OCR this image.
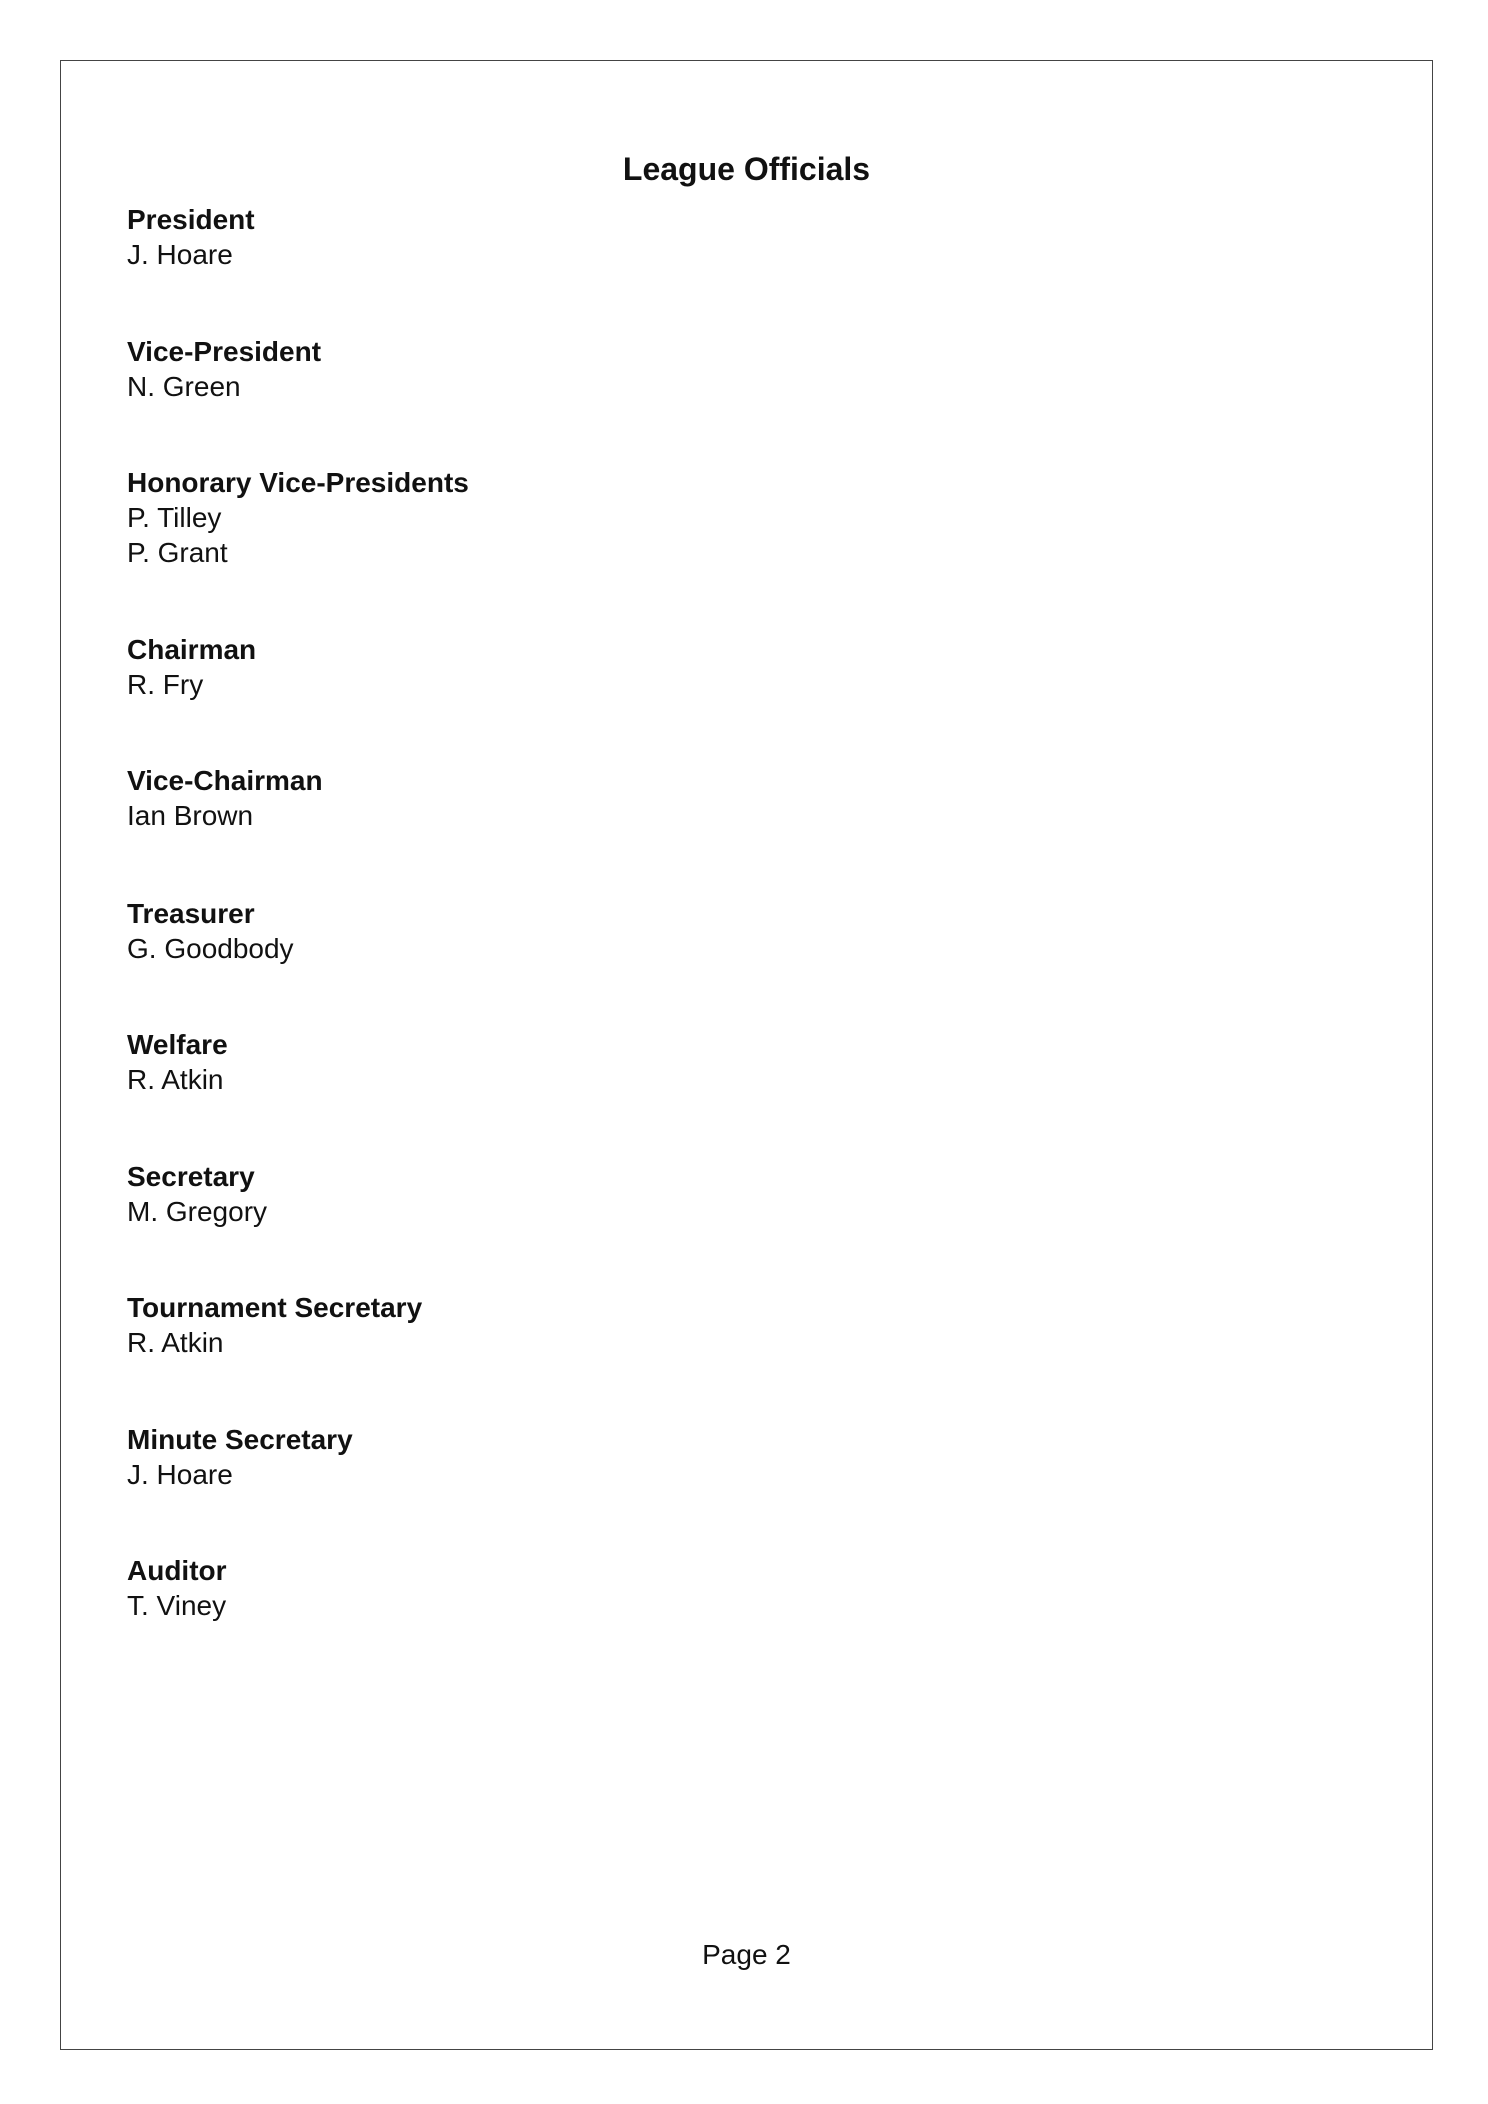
League Officials
President
J. Hoare
Vice-President
N. Green
Honorary Vice-Presidents
P. Tilley
P. Grant
Chairman
R. Fry
Vice-Chairman
Ian Brown
Treasurer
G. Goodbody
Welfare
R. Atkin
Secretary
M. Gregory
Tournament Secretary
R. Atkin
Minute Secretary
J. Hoare
Auditor
T. Viney

Page 2
